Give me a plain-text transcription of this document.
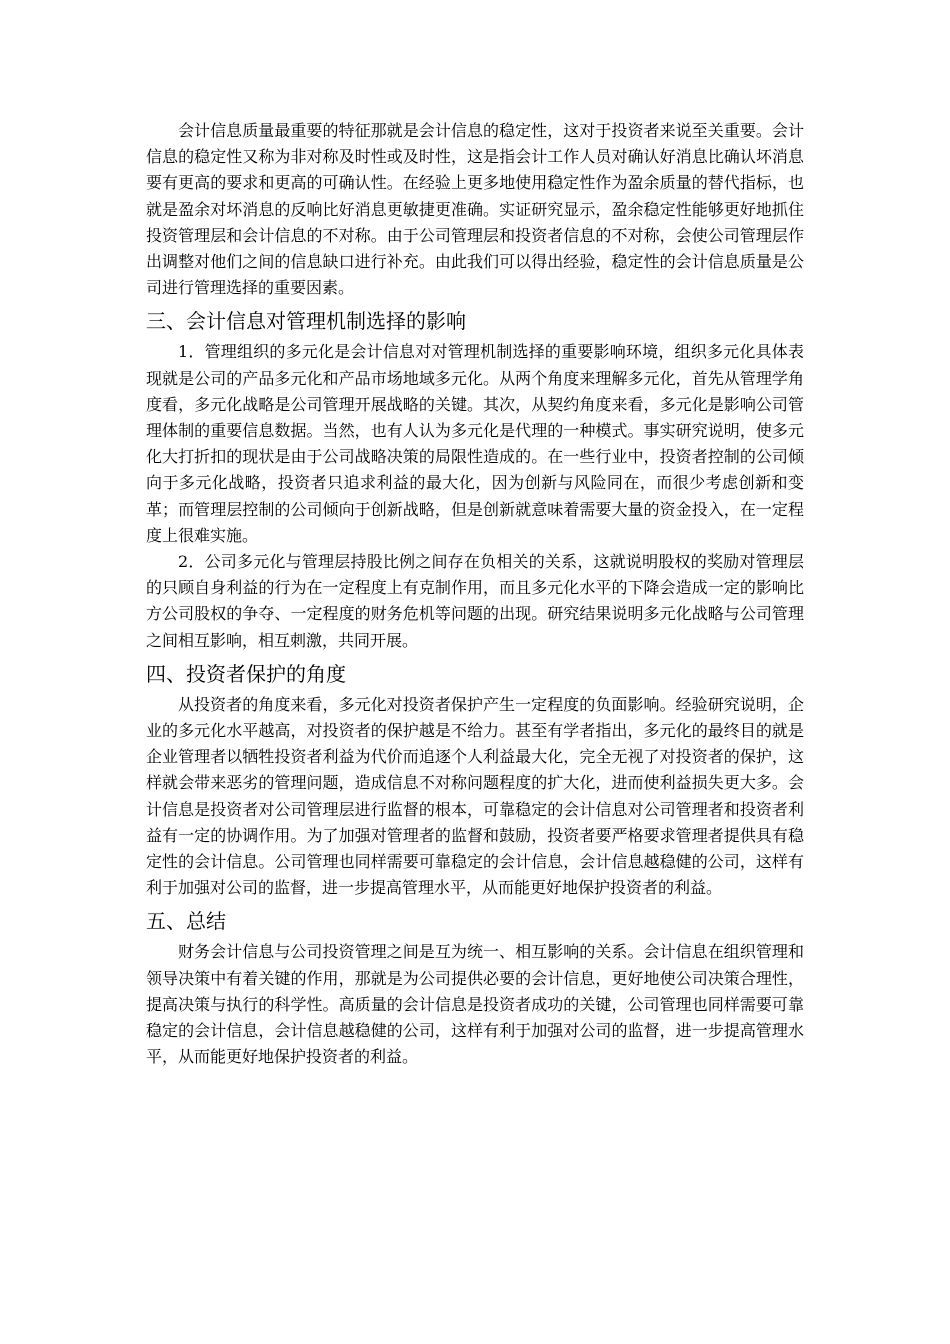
会计信息质量最重要的特征那就是会计信息的稳定性，这对于投资者来说至关重要。会计信息的稳定性又称为非对称及时性或及时性，这是指会计工作人员对确认好消息比确认坏消息要有更高的要求和更高的可确认性。在经验上更多地使用稳定性作为盈余质量的替代指标，也就是盈余对坏消息的反响比好消息更敏捷更准确。实证研究显示，盈余稳定性能够更好地抓住投资管理层和会计信息的不对称。由于公司管理层和投资者信息的不对称，会使公司管理层作出调整对他们之间的信息缺口进行补充。由此我们可以得出经验，稳定性的会计信息质量是公司进行管理选择的重要因素。

三、会计信息对管理机制选择的影响

1．管理组织的多元化是会计信息对对管理机制选择的重要影响环境，组织多元化具体表现就是公司的产品多元化和产品市场地域多元化。从两个角度来理解多元化，首先从管理学角度看，多元化战略是公司管理开展战略的关键。其次，从契约角度来看，多元化是影响公司管理体制的重要信息数据。当然，也有人认为多元化是代理的一种模式。事实研究说明，使多元化大打折扣的现状是由于公司战略决策的局限性造成的。在一些行业中，投资者控制的公司倾向于多元化战略，投资者只追求利益的最大化，因为创新与风险同在，而很少考虑创新和变革；而管理层控制的公司倾向于创新战略，但是创新就意味着需要大量的资金投入，在一定程度上很难实施。

2．公司多元化与管理层持股比例之间存在负相关的关系，这就说明股权的奖励对管理层的只顾自身利益的行为在一定程度上有克制作用，而且多元化水平的下降会造成一定的影响比方公司股权的争夺、一定程度的财务危机等问题的出现。研究结果说明多元化战略与公司管理之间相互影响，相互刺激，共同开展。

四、投资者保护的角度

从投资者的角度来看，多元化对投资者保护产生一定程度的负面影响。经验研究说明，企业的多元化水平越高，对投资者的保护越是不给力。甚至有学者指出，多元化的最终目的就是企业管理者以牺牲投资者利益为代价而追逐个人利益最大化，完全无视了对投资者的保护，这样就会带来恶劣的管理问题，造成信息不对称问题程度的扩大化，进而使利益损失更大多。会计信息是投资者对公司管理层进行监督的根本，可靠稳定的会计信息对公司管理者和投资者利益有一定的协调作用。为了加强对管理者的监督和鼓励，投资者要严格要求管理者提供具有稳定性的会计信息。公司管理也同样需要可靠稳定的会计信息，会计信息越稳健的公司，这样有利于加强对公司的监督，进一步提高管理水平，从而能更好地保护投资者的利益。

五、总结

财务会计信息与公司投资管理之间是互为统一、相互影响的关系。会计信息在组织管理和领导决策中有着关键的作用，那就是为公司提供必要的会计信息，更好地使公司决策合理性，提高决策与执行的科学性。高质量的会计信息是投资者成功的关键，公司管理也同样需要可靠稳定的会计信息，会计信息越稳健的公司，这样有利于加强对公司的监督，进一步提高管理水平，从而能更好地保护投资者的利益。
